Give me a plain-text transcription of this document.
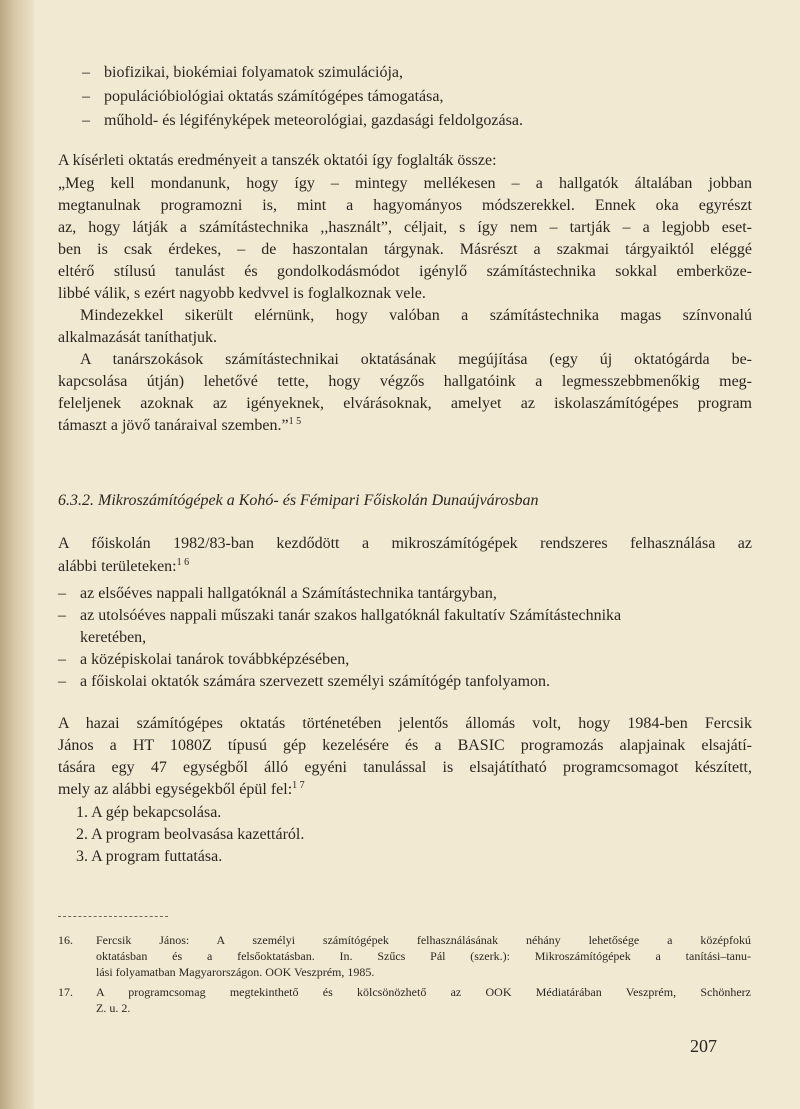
– biofizikai, biokémiai folyamatok szimulációja,

– populációbiológiai oktatás számítógépes támogatása,

– műhold- és légifényképek meteorológiai, gazdasági feldolgozása.

A kísérleti oktatás eredményeit a tanszék oktatói így foglalták össze:

„Meg kell mondanunk, hogy így – mintegy mellékesen – a hallgatók általában jobban

megtanulnak programozni is, mint a hagyományos módszerekkel. Ennek oka egyrészt

az, hogy látják a számítástechnika ,,használt”, céljait, s így nem – tartják – a legjobb eset-

ben is csak érdekes, – de haszontalan tárgynak. Másrészt a szakmai tárgyaiktól eléggé

eltérő stílusú tanulást és gondolkodásmódot igénylő számítástechnika sokkal emberköze-

libbé válik, s ezért nagyobb kedvvel is foglalkoznak vele.

Mindezekkel sikerült elérnünk, hogy valóban a számítástechnika magas színvonalú

alkalmazását taníthatjuk.

A tanárszokások számítástechnikai oktatásának megújítása (egy új oktatógárda be-

kapcsolása útján) lehetővé tette, hogy végzős hallgatóink a legmesszebbmenőkig meg-

feleljenek azoknak az igényeknek, elvárásoknak, amelyet az iskolaszámítógépes program

támaszt a jövő tanáraival szemben.”$^{1 5}$

6.3.2. Mikroszámítógépek a Kohó- és Fémipari Főiskolán Dunaújvárosban

A főiskolán 1982/83-ban kezdődött a mikroszámítógépek rendszeres felhasználása az

alábbi területeken:$^{1 6}$

– az elsőéves nappali hallgatóknál a Számítástechnika tantárgyban,

– az utolsóéves nappali műszaki tanár szakos hallgatóknál fakultatív Számítástechnika

keretében,

– a középiskolai tanárok továbbképzésében,

– a főiskolai oktatók számára szervezett személyi számítógép tanfolyamon.

A hazai számítógépes oktatás történetében jelentős állomás volt, hogy 1984-ben Fercsik

János a HT 1080Z típusú gép kezelésére és a BASIC programozás alapjainak elsajátí-

tására egy 47 egységből álló egyéni tanulással is elsajátítható programcsomagot készített,

mely az alábbi egységekből épül fel:$^{1 7}$

1. A gép bekapcsolása.

2. A program beolvasása kazettáról.

3. A program futtatása.

16. Fercsik János: A személyi számítógépek felhasználásának néhány lehetősége a középfokú
oktatásban és a felsőoktatásban. In. Szűcs Pál (szerk.): Mikroszámítógépek a tanítási–tanu-
lási folyamatban Magyarországon. OOK Veszprém, 1985.
17. A programcsomag megtekinthető és kölcsönözhető az OOK Médiatárában Veszprém, Schönherz
Z. u. 2.
207
